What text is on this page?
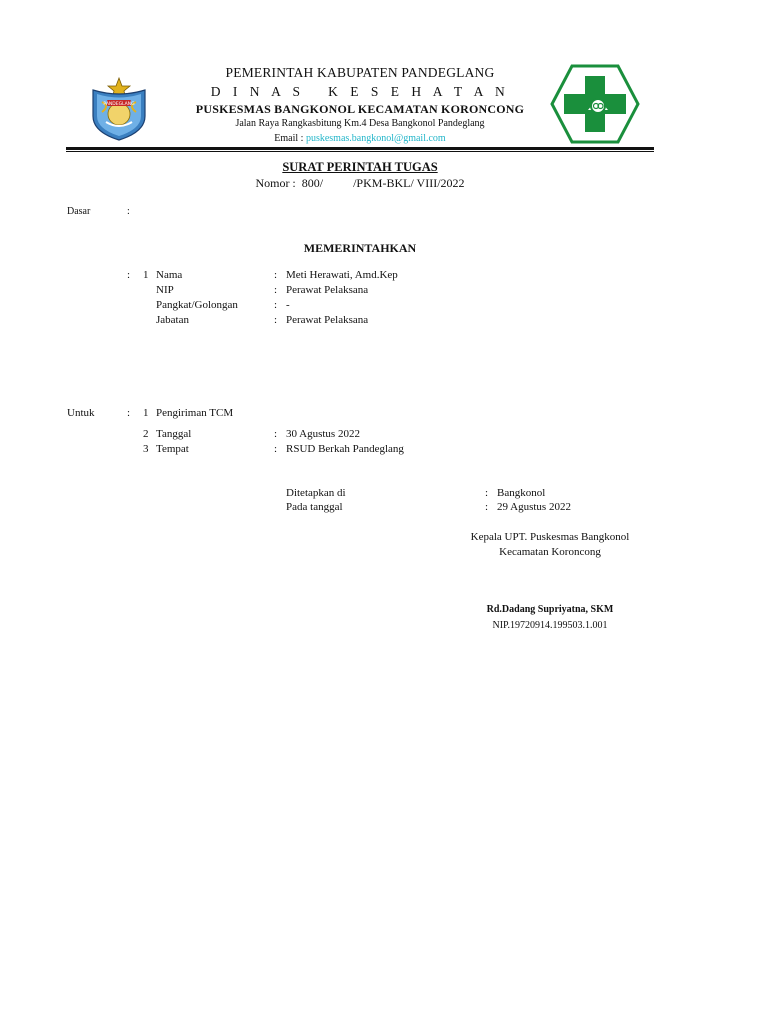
PANDEGLANG
PEMERINTAH KABUPATEN PANDEGLANG
D I N A S   K E S E H A T A N
PUSKESMAS BANGKONOL KECAMATAN KORONCONG
Jalan Raya Rangkasbitung Km.4 Desa Bangkonol Pandeglang
Email : puskesmas.bangkonol@gmail.com
SURAT PERINTAH TUGAS
Nomor :  800/          /PKM-BKL/ VIII/2022
Dasar	:
MEMERINTAHKAN
: 1 Nama	: Meti Herawati, Amd.Kep
NIP	: Perawat Pelaksana
Pangkat/Golongan	: -
Jabatan	: Perawat Pelaksana
Untuk	: 1 Pengiriman TCM
2 Tanggal	: 30 Agustus 2022
3 Tempat	: RSUD Berkah Pandeglang
Ditetapkan di	: Bangkonol
Pada tanggal	: 29 Agustus 2022
Kepala UPT. Puskesmas Bangkonol
Kecamatan Koroncong
Rd.Dadang Supriyatna, SKM
NIP.19720914.199503.1.001
